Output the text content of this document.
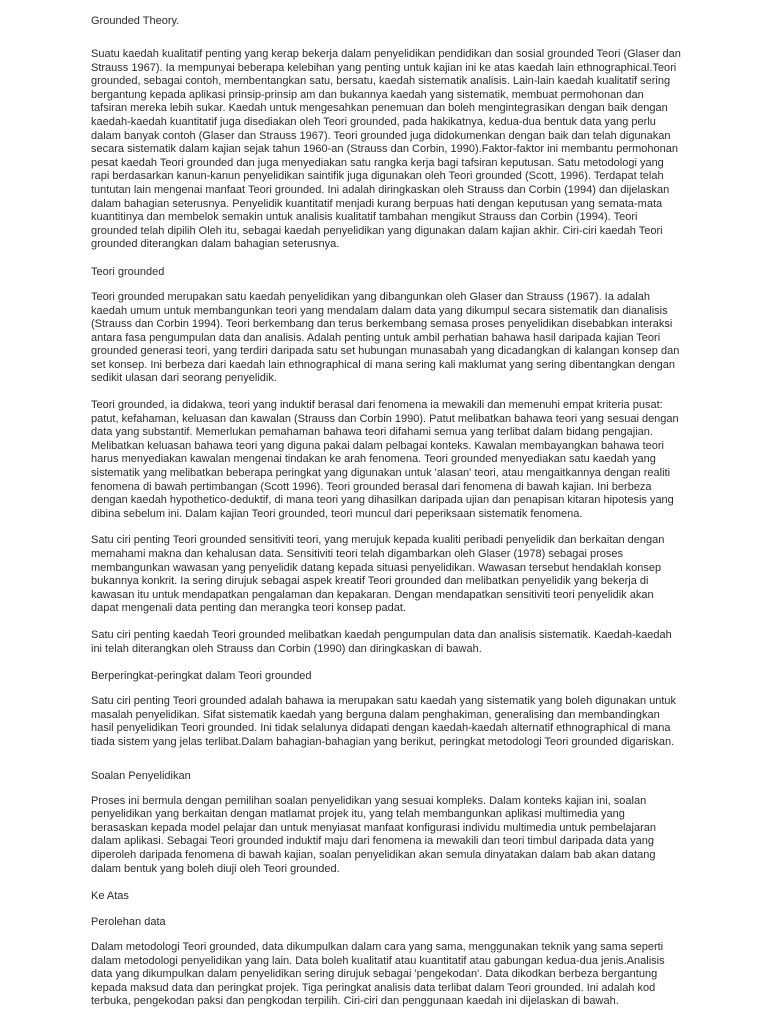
Grounded Theory.
Suatu kaedah kualitatif penting yang kerap bekerja dalam penyelidikan pendidikan dan sosial grounded Teori (Glaser dan Strauss 1967). Ia mempunyai beberapa kelebihan yang penting untuk kajian ini ke atas kaedah lain ethnographical.Teori grounded, sebagai contoh, membentangkan satu, bersatu, kaedah sistematik analisis. Lain-lain kaedah kualitatif sering bergantung kepada aplikasi prinsip-prinsip am dan bukannya kaedah yang sistematik, membuat permohonan dan tafsiran mereka lebih sukar. Kaedah untuk mengesahkan penemuan dan boleh mengintegrasikan dengan baik dengan kaedah-kaedah kuantitatif juga disediakan oleh Teori grounded, pada hakikatnya, kedua-dua bentuk data yang perlu dalam banyak contoh (Glaser dan Strauss 1967). Teori grounded juga didokumenkan dengan baik dan telah digunakan secara sistematik dalam kajian sejak tahun 1960-an (Strauss dan Corbin, 1990).Faktor-faktor ini membantu permohonan pesat kaedah Teori grounded dan juga menyediakan satu rangka kerja bagi tafsiran keputusan. Satu metodologi yang rapi berdasarkan kanun-kanun penyelidikan saintifik juga digunakan oleh Teori grounded (Scott, 1996). Terdapat telah tuntutan lain mengenai manfaat Teori grounded. Ini adalah diringkaskan oleh Strauss dan Corbin (1994) dan dijelaskan dalam bahagian seterusnya. Penyelidik kuantitatif menjadi kurang berpuas hati dengan keputusan yang semata-mata kuantitinya dan membelok semakin untuk analisis kualitatif tambahan mengikut Strauss dan Corbin (1994). Teori grounded telah dipilih Oleh itu, sebagai kaedah penyelidikan yang digunakan dalam kajian akhir. Ciri-ciri kaedah Teori grounded diterangkan dalam bahagian seterusnya.
Teori grounded
Teori grounded merupakan satu kaedah penyelidikan yang dibangunkan oleh Glaser dan Strauss (1967). Ia adalah kaedah umum untuk membangunkan teori yang mendalam dalam data yang dikumpul secara sistematik dan dianalisis (Strauss dan Corbin 1994). Teori berkembang dan terus berkembang semasa proses penyelidikan disebabkan interaksi antara fasa pengumpulan data dan analisis. Adalah penting untuk ambil perhatian bahawa hasil daripada kajian Teori grounded generasi teori, yang terdiri daripada satu set hubungan munasabah yang dicadangkan di kalangan konsep dan set konsep. Ini berbeza dari kaedah lain ethnographical di mana sering kali maklumat yang sering dibentangkan dengan sedikit ulasan dari seorang penyelidik.
Teori grounded, ia didakwa, teori yang induktif berasal dari fenomena ia mewakili dan memenuhi empat kriteria pusat: patut, kefahaman, keluasan dan kawalan (Strauss dan Corbin 1990). Patut melibatkan bahawa teori yang sesuai dengan data yang substantif. Memerlukan pemahaman bahawa teori difahami semua yang terlibat dalam bidang pengajian. Melibatkan keluasan bahawa teori yang diguna pakai dalam pelbagai konteks. Kawalan membayangkan bahawa teori harus menyediakan kawalan mengenai tindakan ke arah fenomena. Teori grounded menyediakan satu kaedah yang sistematik yang melibatkan beberapa peringkat yang digunakan untuk 'alasan' teori, atau mengaitkannya dengan realiti fenomena di bawah pertimbangan (Scott 1996). Teori grounded berasal dari fenomena di bawah kajian. Ini berbeza dengan kaedah hypothetico-deduktif, di mana teori yang dihasilkan daripada ujian dan penapisan kitaran hipotesis yang dibina sebelum ini. Dalam kajian Teori grounded, teori muncul dari peperiksaan sistematik fenomena.
Satu ciri penting Teori grounded sensitiviti teori, yang merujuk kepada kualiti peribadi penyelidik dan berkaitan dengan memahami makna dan kehalusan data. Sensitiviti teori telah digambarkan oleh Glaser (1978) sebagai proses membangunkan wawasan yang penyelidik datang kepada situasi penyelidikan. Wawasan tersebut hendaklah konsep bukannya konkrit. Ia sering dirujuk sebagai aspek kreatif Teori grounded dan melibatkan penyelidik yang bekerja di kawasan itu untuk mendapatkan pengalaman dan kepakaran. Dengan mendapatkan sensitiviti teori penyelidik akan dapat mengenali data penting dan merangka teori konsep padat.
Satu ciri penting kaedah Teori grounded melibatkan kaedah pengumpulan data dan analisis sistematik. Kaedah-kaedah ini telah diterangkan oleh Strauss dan Corbin (1990) dan diringkaskan di bawah.
Berperingkat-peringkat dalam Teori grounded
Satu ciri penting Teori grounded adalah bahawa ia merupakan satu kaedah yang sistematik yang boleh digunakan untuk masalah penyelidikan. Sifat sistematik kaedah yang berguna dalam penghakiman, generalising dan membandingkan hasil penyelidikan Teori grounded. Ini tidak selalunya didapati dengan kaedah-kaedah alternatif ethnographical di mana tiada sistem yang jelas terlibat.Dalam bahagian-bahagian yang berikut, peringkat metodologi Teori grounded digariskan.
Soalan Penyelidikan
Proses ini bermula dengan pemilihan soalan penyelidikan yang sesuai kompleks. Dalam konteks kajian ini, soalan penyelidikan yang berkaitan dengan matlamat projek itu, yang telah membangunkan aplikasi multimedia yang berasaskan kepada model pelajar dan untuk menyiasat manfaat konfigurasi individu multimedia untuk pembelajaran dalam aplikasi. Sebagai Teori grounded induktif maju dari fenomena ia mewakili dan teori timbul daripada data yang diperoleh daripada fenomena di bawah kajian, soalan penyelidikan akan semula dinyatakan dalam bab akan datang dalam bentuk yang boleh diuji oleh Teori grounded.
Ke Atas
Perolehan data
Dalam metodologi Teori grounded, data dikumpulkan dalam cara yang sama, menggunakan teknik yang sama seperti dalam metodologi penyelidikan yang lain. Data boleh kualitatif atau kuantitatif atau gabungan kedua-dua jenis.Analisis data yang dikumpulkan dalam penyelidikan sering dirujuk sebagai 'pengekodan'. Data dikodkan berbeza bergantung kepada maksud data dan peringkat projek. Tiga peringkat analisis data terlibat dalam Teori grounded. Ini adalah kod terbuka, pengekodan paksi dan pengkodan terpilih. Ciri-ciri dan penggunaan kaedah ini dijelaskan di bawah.
